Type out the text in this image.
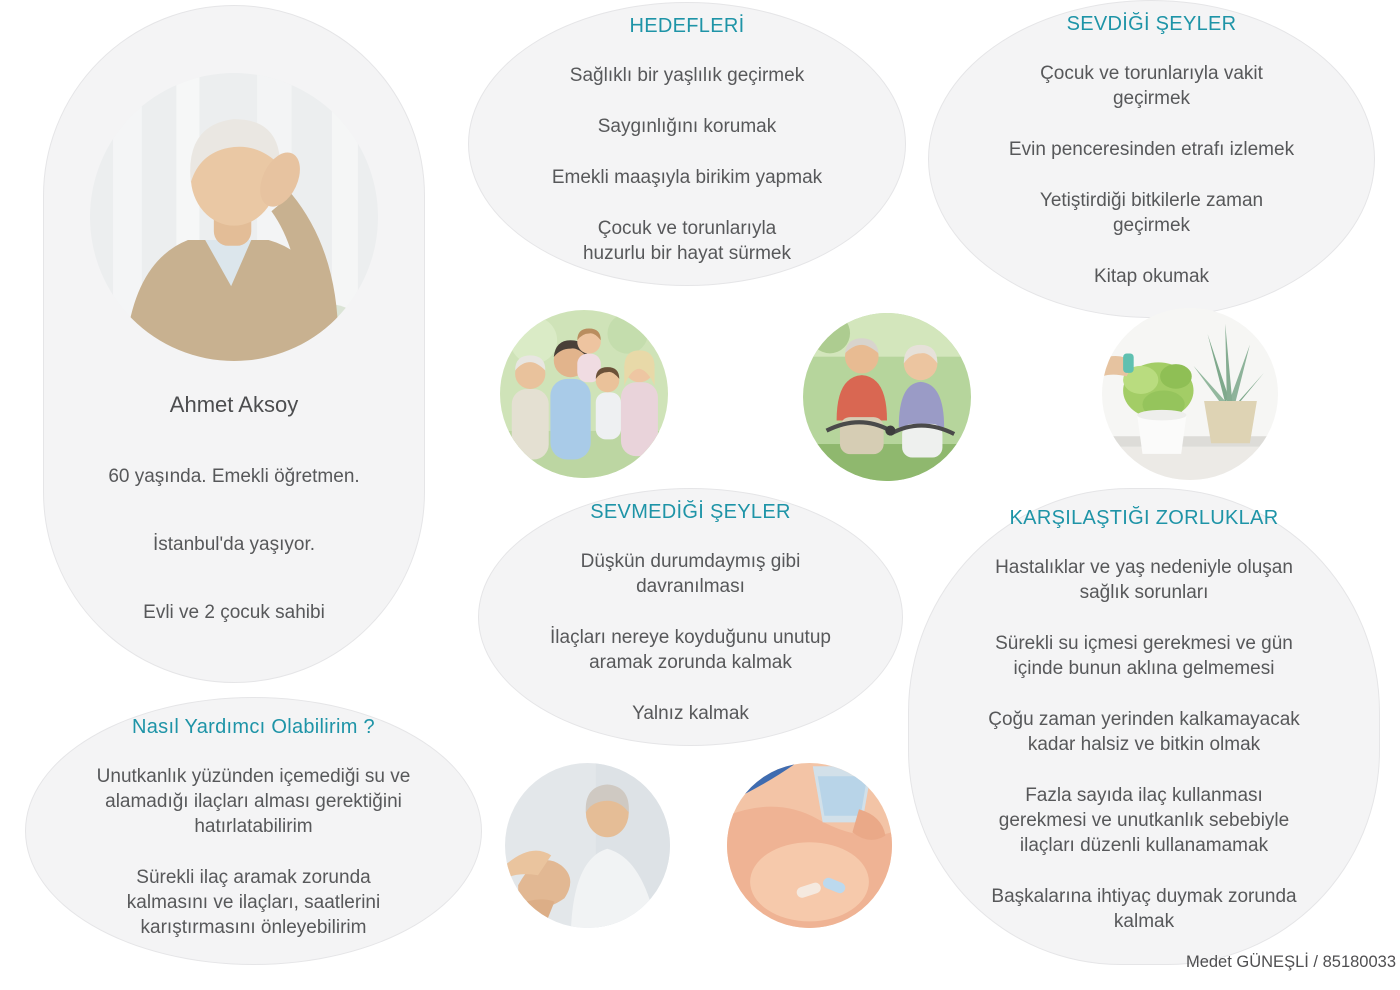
Ahmet Aksoy

60 yaşında. Emekli öğretmen.

İstanbul'da yaşıyor.

Evli ve 2 çocuk sahibi

HEDEFLERİ

Sağlıklı bir yaşlılık geçirmek

Saygınlığını korumak

Emekli maaşıyla birikim yapmak

Çocuk ve torunlarıyla huzurlu bir hayat sürmek

SEVDİĞİ ŞEYLER

Çocuk ve torunlarıyla vakit geçirmek

Evin penceresinden etrafı izlemek

Yetiştirdiği bitkilerle zaman geçirmek

Kitap okumak

SEVMEDİĞİ ŞEYLER

Düşkün durumdaymış gibi davranılması

İlaçları nereye koyduğunu unutup aramak zorunda kalmak

Yalnız kalmak

KARŞILAŞTIĞI ZORLUKLAR

Hastalıklar ve yaş nedeniyle oluşan sağlık sorunları

Sürekli su içmesi gerekmesi ve gün içinde bunun aklına gelmemesi

Çoğu zaman yerinden kalkamayacak kadar halsiz ve bitkin olmak

Fazla sayıda ilaç kullanması gerekmesi ve unutkanlık sebebiyle ilaçları düzenli kullanamamak

Başkalarına ihtiyaç duymak zorunda kalmak

Nasıl Yardımcı Olabilirim ?

Unutkanlık yüzünden içemediği su ve alamadığı ilaçları alması gerektiğini hatırlatabilirim

Sürekli ilaç aramak zorunda kalmasını ve ilaçları, saatlerini karıştırmasını önleyebilirim

Medet GÜNEŞLİ / 85180033
